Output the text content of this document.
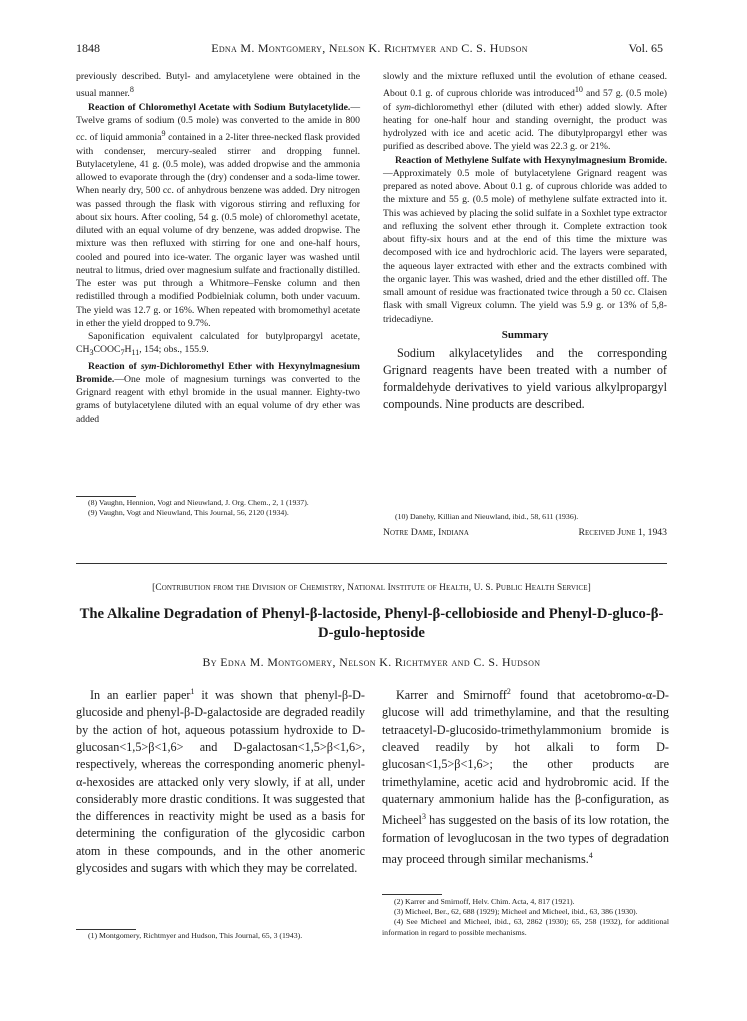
1848	Edna M. Montgomery, Nelson K. Richtmyer and C. S. Hudson	Vol. 65

previously described. Butyl- and amylacetylene were obtained in the usual manner.$^8$

Reaction of Chloromethyl Acetate with Sodium Butylacetylide.—Twelve grams of sodium (0.5 mole) was converted to the amide in 800 cc. of liquid ammonia$^9$ contained in a 2-liter three-necked flask provided with condenser, mercury-sealed stirrer and dropping funnel. Butylacetylene, 41 g. (0.5 mole), was added dropwise and the ammonia allowed to evaporate through the (dry) condenser and a soda-lime tower. When nearly dry, 500 cc. of anhydrous benzene was added. Dry nitrogen was passed through the flask with vigorous stirring and refluxing for about six hours. After cooling, 54 g. (0.5 mole) of chloromethyl acetate, diluted with an equal volume of dry benzene, was added dropwise. The mixture was then refluxed with stirring for one and one-half hours, cooled and poured into ice-water. The organic layer was washed until neutral to litmus, dried over magnesium sulfate and fractionally distilled. The ester was put through a Whitmore–Fenske column and then redistilled through a modified Podbielniak column, both under vacuum. The yield was 12.7 g. or 16%. When repeated with bromomethyl acetate in ether the yield dropped to 9.7%.

Saponification equivalent calculated for butylpropargyl acetate, $CH_3COOC_7H_{11}$, 154; obs., 155.9.

Reaction of sym-Dichloromethyl Ether with Hexynylmagnesium Bromide.—One mole of magnesium turnings was converted to the Grignard reagent with ethyl bromide in the usual manner. Eighty-two grams of butylacetylene diluted with an equal volume of dry ether was added

(8) Vaughn, Hennion, Vogt and Nieuwland, J. Org. Chem., 2, 1 (1937).

(9) Vaughn, Vogt and Nieuwland, This Journal, 56, 2120 (1934).

slowly and the mixture refluxed until the evolution of ethane ceased. About 0.1 g. of cuprous chloride was introduced$^{10}$ and 57 g. (0.5 mole) of sym-dichloromethyl ether (diluted with ether) added slowly. After heating for one-half hour and standing overnight, the product was hydrolyzed with ice and acetic acid. The dibutylpropargyl ether was purified as described above. The yield was 22.3 g. or 21%.

Reaction of Methylene Sulfate with Hexynylmagnesium Bromide.—Approximately 0.5 mole of butylacetylene Grignard reagent was prepared as noted above. About 0.1 g. of cuprous chloride was added to the mixture and 55 g. (0.5 mole) of methylene sulfate extracted into it. This was achieved by placing the solid sulfate in a Soxhlet type extractor and refluxing the solvent ether through it. Complete extraction took about fifty-six hours and at the end of this time the mixture was decomposed with ice and hydrochloric acid. The layers were separated, the aqueous layer extracted with ether and the extracts combined with the organic layer. This was washed, dried and the ether distilled off. The small amount of residue was fractionated twice through a 50 cc. Claisen flask with small Vigreux column. The yield was 5.9 g. or 13% of 5,8-tridecadiyne.

Summary

Sodium alkylacetylides and the corresponding Grignard reagents have been treated with a number of formaldehyde derivatives to yield various alkylpropargyl compounds. Nine products are described.

(10) Danehy, Killian and Nieuwland, ibid., 58, 611 (1936).

Notre Dame, Indiana	Received June 1, 1943
[Contribution from the Division of Chemistry, National Institute of Health, U. S. Public Health Service]
The Alkaline Degradation of Phenyl-β-lactoside, Phenyl-β-cellobioside and Phenyl-D-gluco-β-D-gulo-heptoside
By Edna M. Montgomery, Nelson K. Richtmyer and C. S. Hudson

In an earlier paper$^1$ it was shown that phenyl-β-D-glucoside and phenyl-β-D-galactoside are degraded readily by the action of hot, aqueous potassium hydroxide to D-glucosan<1,5>β<1,6> and D-galactosan<1,5>β<1,6>, respectively, whereas the corresponding anomeric phenyl-α-hexosides are attacked only very slowly, if at all, under considerably more drastic conditions. It was suggested that the differences in reactivity might be used as a basis for determining the configuration of the glycosidic carbon atom in these compounds, and in the other anomeric glycosides and sugars with which they may be correlated.

(1) Montgomery, Richtmyer and Hudson, This Journal, 65, 3 (1943).

Karrer and Smirnoff$^2$ found that acetobromo-α-D-glucose will add trimethylamine, and that the resulting tetraacetyl-D-glucosido-trimethylammonium bromide is cleaved readily by hot alkali to form D-glucosan<1,5>β<1,6>; the other products are trimethylamine, acetic acid and hydrobromic acid. If the quaternary ammonium halide has the β-configuration, as Micheel$^3$ has suggested on the basis of its low rotation, the formation of levoglucosan in the two types of degradation may proceed through similar mechanisms.$^4$

(2) Karrer and Smirnoff, Helv. Chim. Acta, 4, 817 (1921).

(3) Micheel, Ber., 62, 688 (1929); Micheel and Micheel, ibid., 63, 386 (1930).

(4) See Micheel and Micheel, ibid., 63, 2862 (1930); 65, 258 (1932), for additional information in regard to possible mechanisms.
